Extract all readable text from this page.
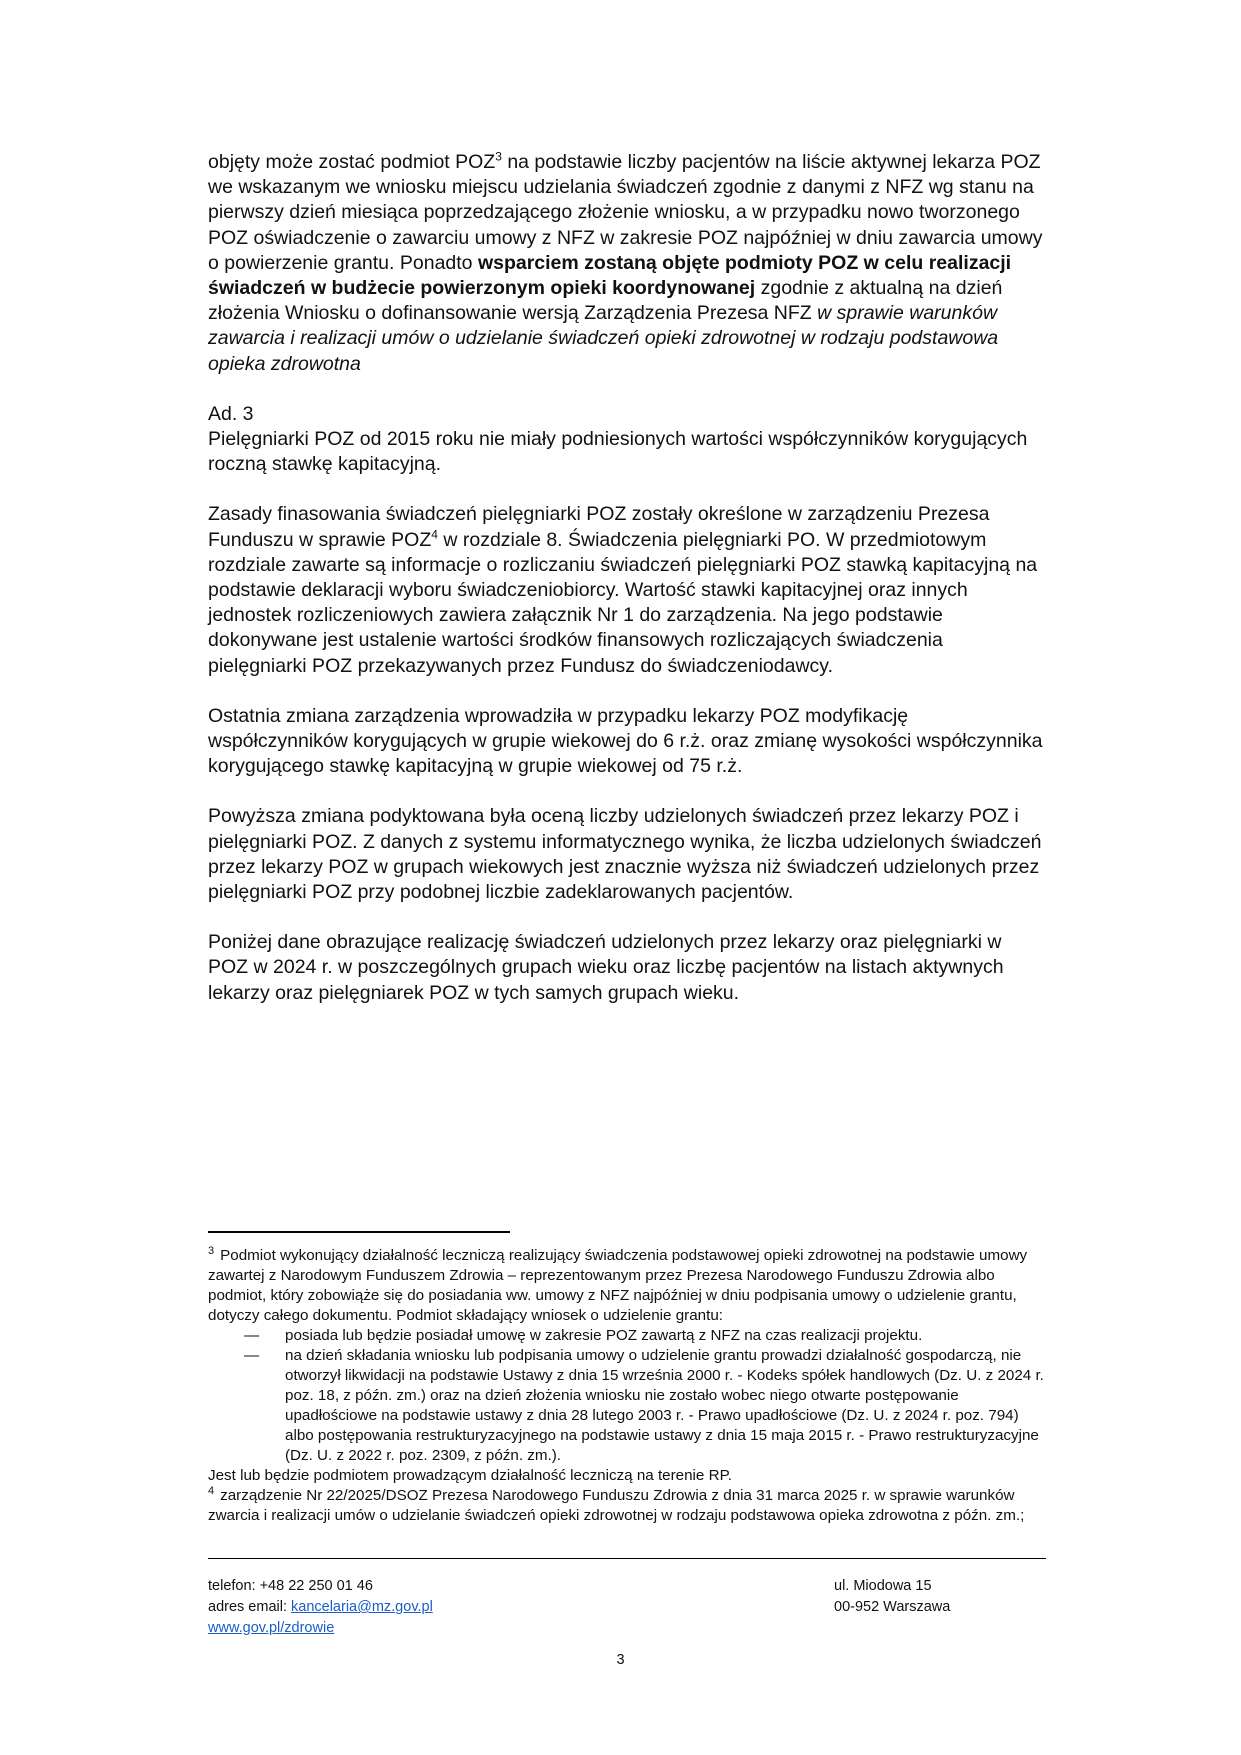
objęty może zostać podmiot POZ$^3$ na podstawie liczby pacjentów na liście aktywnej lekarza POZ we wskazanym we wniosku miejscu udzielania świadczeń zgodnie z danymi z NFZ wg stanu na pierwszy dzień miesiąca poprzedzającego złożenie wniosku, a w przypadku nowo tworzonego POZ oświadczenie o zawarciu umowy z NFZ w zakresie POZ najpóźniej w dniu zawarcia umowy o powierzenie grantu. Ponadto wsparciem zostaną objęte podmioty POZ w celu realizacji świadczeń w budżecie powierzonym opieki koordynowanej zgodnie z aktualną na dzień złożenia Wniosku o dofinansowanie wersją Zarządzenia Prezesa NFZ w sprawie warunków zawarcia i realizacji umów o udzielanie świadczeń opieki zdrowotnej w rodzaju podstawowa opieka zdrowotna

Ad. 3

Pielęgniarki POZ od 2015 roku nie miały podniesionych wartości współczynników korygujących roczną stawkę kapitacyjną.

Zasady finasowania świadczeń pielęgniarki POZ zostały określone w zarządzeniu Prezesa Funduszu w sprawie POZ$^4$ w rozdziale 8. Świadczenia pielęgniarki PO. W przedmiotowym rozdziale zawarte są informacje o rozliczaniu świadczeń pielęgniarki POZ stawką kapitacyjną na podstawie deklaracji wyboru świadczeniobiorcy. Wartość stawki kapitacyjnej oraz innych jednostek rozliczeniowych zawiera załącznik Nr 1 do zarządzenia. Na jego podstawie dokonywane jest ustalenie wartości środków finansowych rozliczających świadczenia pielęgniarki POZ przekazywanych przez Fundusz do świadczeniodawcy.

Ostatnia zmiana zarządzenia wprowadziła w przypadku lekarzy POZ modyfikację współczynników korygujących w grupie wiekowej do 6 r.ż. oraz zmianę wysokości współczynnika korygującego stawkę kapitacyjną w grupie wiekowej od 75 r.ż.

Powyższa zmiana podyktowana była oceną liczby udzielonych świadczeń przez lekarzy POZ i pielęgniarki POZ. Z danych z systemu informatycznego wynika, że liczba udzielonych świadczeń przez lekarzy POZ w grupach wiekowych jest znacznie wyższa niż świadczeń udzielonych przez pielęgniarki POZ przy podobnej liczbie zadeklarowanych pacjentów.

Poniżej dane obrazujące realizację świadczeń udzielonych przez lekarzy oraz pielęgniarki w POZ w 2024 r. w poszczególnych grupach wieku oraz liczbę pacjentów na listach aktywnych lekarzy oraz pielęgniarek POZ w tych samych grupach wieku.

$^3$ Podmiot wykonujący działalność leczniczą realizujący świadczenia podstawowej opieki zdrowotnej na podstawie umowy zawartej z Narodowym Funduszem Zdrowia – reprezentowanym przez Prezesa Narodowego Funduszu Zdrowia albo podmiot, który zobowiąże się do posiadania ww. umowy z NFZ najpóźniej w dniu podpisania umowy o udzielenie grantu, dotyczy całego dokumentu. Podmiot składający wniosek o udzielenie grantu:

— posiada lub będzie posiadał umowę w zakresie POZ zawartą z NFZ na czas realizacji projektu.
— na dzień składania wniosku lub podpisania umowy o udzielenie grantu prowadzi działalność gospodarczą, nie otworzył likwidacji na podstawie Ustawy z dnia 15 września 2000 r. - Kodeks spółek handlowych (Dz. U. z 2024 r. poz. 18, z późn. zm.) oraz na dzień złożenia wniosku nie zostało wobec niego otwarte postępowanie upadłościowe na podstawie ustawy z dnia 28 lutego 2003 r. - Prawo upadłościowe (Dz. U. z 2024 r. poz. 794) albo postępowania restrukturyzacyjnego na podstawie ustawy z dnia 15 maja 2015 r. - Prawo restrukturyzacyjne (Dz. U. z 2022 r. poz. 2309, z późn. zm.).

Jest lub będzie podmiotem prowadzącym działalność leczniczą na terenie RP.

$^4$ zarządzenie Nr 22/2025/DSOZ Prezesa Narodowego Funduszu Zdrowia z dnia 31 marca 2025 r. w sprawie warunków zwarcia i realizacji umów o udzielanie świadczeń opieki zdrowotnej w rodzaju podstawowa opieka zdrowotna z późn. zm.;

telefon: +48 22 250 01 46
adres email: kancelaria@mz.gov.pl
www.gov.pl/zdrowie
ul. Miodowa 15
00-952 Warszawa
3
